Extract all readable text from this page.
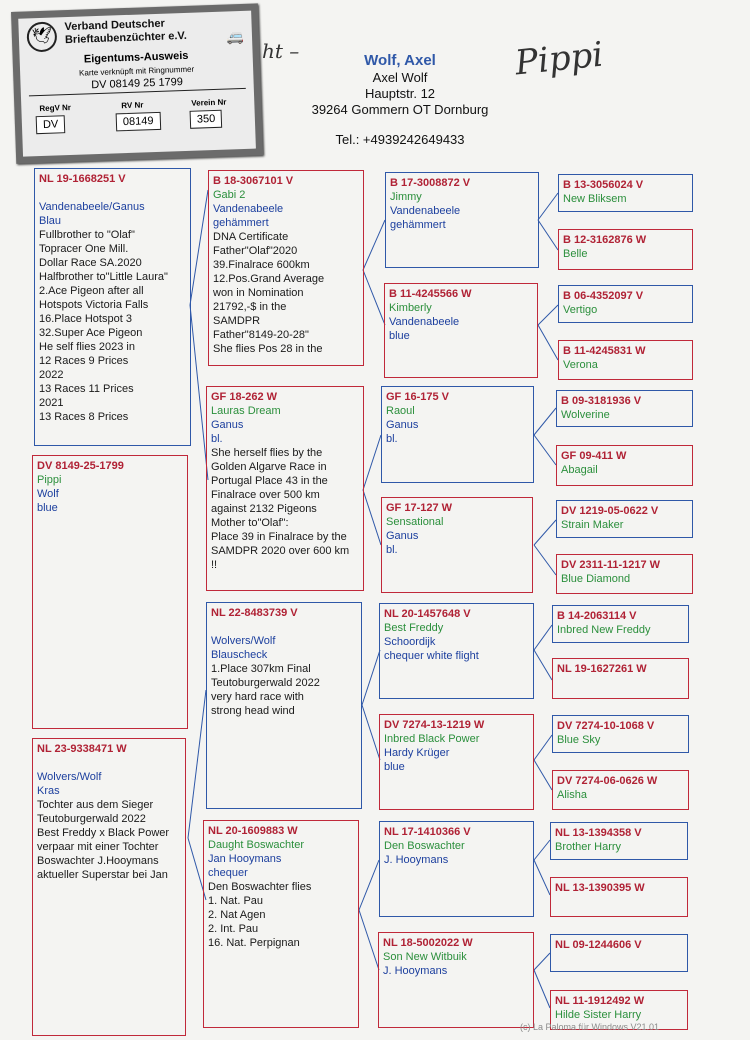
🕊
Verband Deutscher
Brieftaubenzüchter e.V.	🚐
Eigentums-Ausweis
Karte verknüpft mit Ringnummer
DV 08149 25 1799
RegV Nr	RV Nr	Verein Nr
DV	08149	350
ht –	Pippi
Wolf, Axel
Axel Wolf
Hauptstr. 12
39264 Gommern OT Dornburg
Tel.: +4939242649433
NL 19-1668251 V

Vandenabeele/Ganus
Blau
Fullbrother to "Olaf"
Topracer One Mill.
Dollar Race SA.2020
Halfbrother to"Little Laura"
2.Ace Pigeon after all
Hotspots Victoria Falls
16.Place Hotspot 3
32.Super Ace Pigeon
He self flies 2023 in
12 Races 9 Prices
2022
13 Races 11 Prices
2021
13 Races 8 Prices
DV 8149-25-1799
Pippi
Wolf
blue
NL 23-9338471 W

Wolvers/Wolf
Kras
Tochter aus dem Sieger
Teutoburgerwald 2022
Best Freddy x Black Power
verpaar mit einer Tochter
Boswachter J.Hooymans
aktueller Superstar bei Jan
B 18-3067101 V
Gabi 2
Vandenabeele
gehämmert
DNA Certificate
Father"Olaf"2020
39.Finalrace 600km
12.Pos.Grand Average
won in Nomination
21792,-$ in the
SAMDPR
Father"8149-20-28"
She flies Pos 28 in the
GF 18-262 W
Lauras Dream
Ganus
bl.
She herself flies by the
Golden Algarve Race in
Portugal Place 43 in the
Finalrace over 500 km
against 2132 Pigeons
Mother to"Olaf":
Place 39 in Finalrace by the
SAMDPR 2020 over 600 km
!!
NL 22-8483739 V

Wolvers/Wolf
Blauscheck
1.Place 307km Final
Teutoburgerwald 2022
very hard race with
strong head wind
NL 20-1609883 W
Daught Boswachter
Jan Hooymans
chequer
Den Boswachter flies
1. Nat. Pau
2. Nat Agen
2. Int. Pau
16. Nat. Perpignan
B 17-3008872 V
Jimmy
Vandenabeele
gehämmert
B 11-4245566 W
Kimberly
Vandenabeele
blue
GF 16-175 V
Raoul
Ganus
bl.
GF 17-127 W
Sensational
Ganus
bl.
NL 20-1457648 V
Best Freddy
Schoordijk
chequer white flight
DV 7274-13-1219 W
Inbred Black Power
Hardy Krüger
blue
NL 17-1410366 V
Den Boswachter
J. Hooymans
NL 18-5002022 W
Son New Witbuik
J. Hooymans
B 13-3056024 V
New Bliksem
B 12-3162876 W
Belle
B 06-4352097 V
Vertigo
B 11-4245831 W
Verona
B 09-3181936 V
Wolverine
GF 09-411 W
Abagail
DV 1219-05-0622 V
Strain Maker
DV 2311-11-1217 W
Blue Diamond
B 14-2063114 V
Inbred New Freddy
NL 19-1627261 W
DV 7274-10-1068 V
Blue Sky
DV 7274-06-0626 W
Alisha
NL 13-1394358 V
Brother Harry
NL 13-1390395 W
NL 09-1244606 V
NL 11-1912492 W
Hilde Sister Harry
(c) La Paloma für Windows V21.01
